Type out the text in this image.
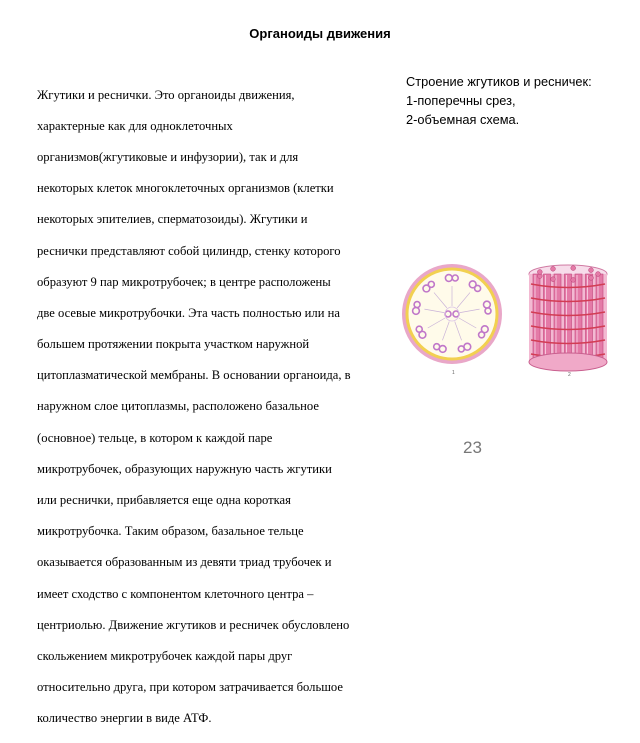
Органоиды движения

Жгутики и реснички. Это органоиды движения,

характерные как для одноклеточных

организмов(жгутиковые и инфузории), так и для

некоторых клеток многоклеточных организмов (клетки

некоторых эпителиев, сперматозоиды). Жгутики и

реснички представляют собой цилиндр, стенку которого

образуют 9 пар микротрубочек; в центре расположены

две осевые микротрубочки. Эта часть полностью или на

большем протяжении покрыта участком наружной

цитоплазматической мембраны. В основании органоида, в

наружном слое цитоплазмы, расположено базальное

(основное) тельце, в котором к каждой паре

микротрубочек, образующих наружную часть жгутики

или реснички, прибавляется еще одна короткая

микротрубочка. Таким образом, базальное тельце

оказывается образованным из девяти триад трубочек и

имеет сходство с компонентом клеточного центра –

центриолью. Движение жгутиков и ресничек обусловлено

скольжением микротрубочек каждой пары друг

относительно друга, при котором затрачивается большое

количество энергии в виде АТФ.

Строение жгутиков и ресничек:
1-поперечны срез,
2-объемная схема.
1	2
23
